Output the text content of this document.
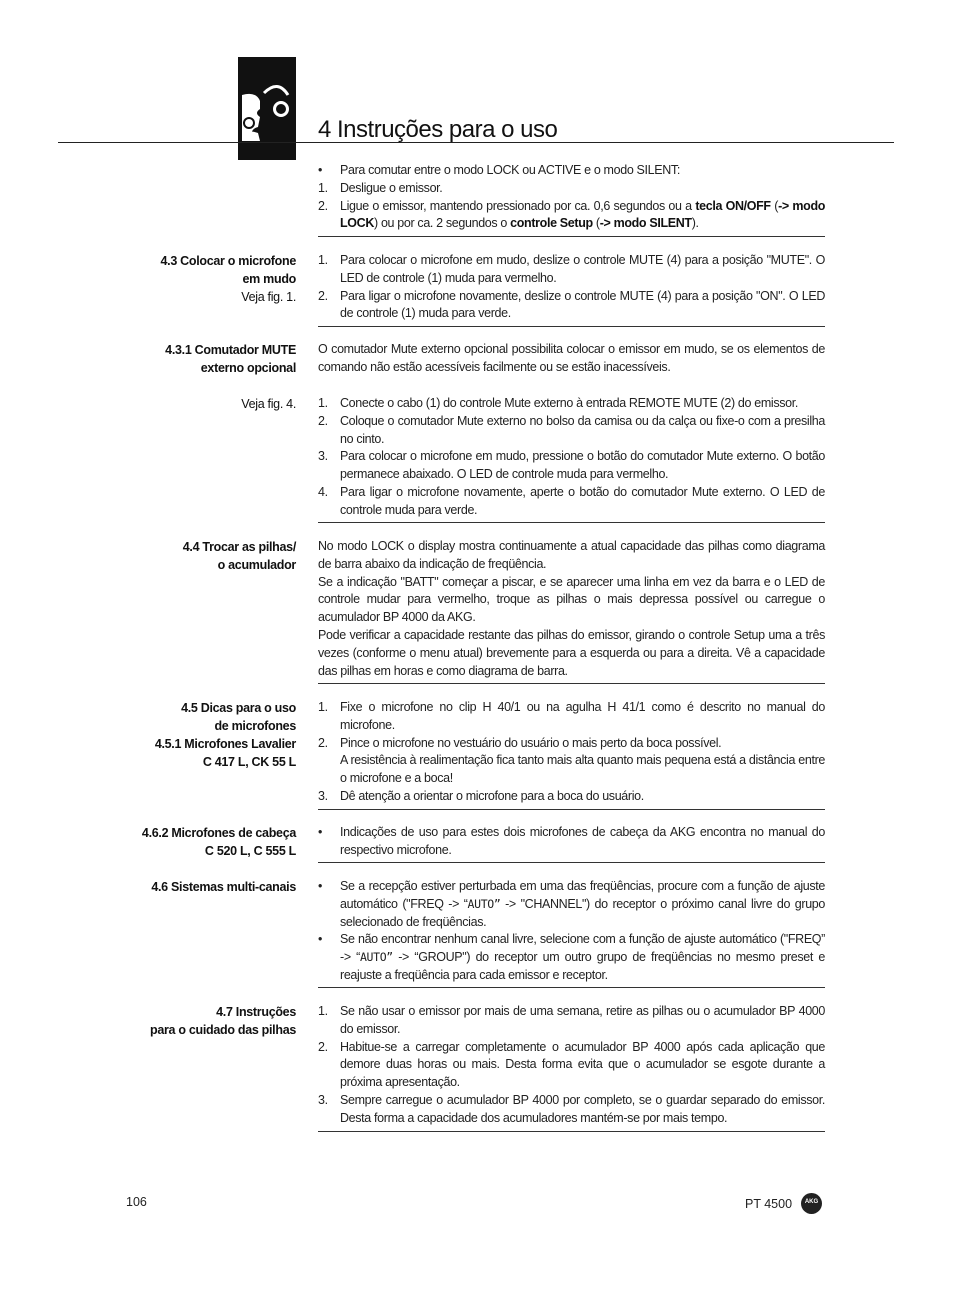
4 Instruções para o uso
• Para comutar entre o modo LOCK ou ACTIVE e o modo SILENT:
1. Desligue o emissor.
2. Ligue o emissor, mantendo pressionado por ca. 0,6 segundos ou a tecla ON/OFF (-> modo LOCK) ou por ca. 2 segundos o controle Setup (-> modo SILENT).
4.3 Colocar o microfone
em mudo
Veja fig. 1.
1. Para colocar o microfone em mudo, deslize o controle MUTE (4) para a posição "MUTE". O LED de controle (1) muda para vermelho.
2. Para ligar o microfone novamente, deslize o controle MUTE (4) para a posição "ON". O LED de controle (1) muda para verde.
4.3.1 Comutador MUTE
externo opcional
O comutador Mute externo opcional possibilita colocar o emissor em mudo, se os elementos de comando não estão acessíveis facilmente ou se estão inacessíveis.
Veja fig. 4. 1. Conecte o cabo (1) do controle Mute externo à entrada REMOTE MUTE (2) do emissor.
2. Coloque o comutador Mute externo no bolso da camisa ou da calça ou fixe-o com a presilha no cinto.
3. Para colocar o microfone em mudo, pressione o botão do comutador Mute externo. O botão permanece abaixado. O LED de controle muda para vermelho.
4. Para ligar o microfone novamente, aperte o botão do comutador Mute externo. O LED de controle muda para verde.
4.4 Trocar as pilhas/
o acumulador
No modo LOCK o display mostra continuamente a atual capacidade das pilhas como diagrama de barra abaixo da indicação de freqüência.
Se a indicação "BATT" começar a piscar, e se aparecer uma linha em vez da barra e o LED de controle mudar para vermelho, troque as pilhas o mais depressa possível ou carregue o acumulador BP 4000 da AKG.
Pode verificar a capacidade restante das pilhas do emissor, girando o controle Setup uma a três vezes (conforme o menu atual) brevemente para a esquerda ou para a direita. Vê a capacidade das pilhas em horas e como diagrama de barra.
4.5 Dicas para o uso
de microfones
4.5.1 Microfones Lavalier
C 417 L, CK 55 L
1. Fixe o microfone no clip H 40/1 ou na agulha H 41/1 como é descrito no manual do microfone.
2. Pince o microfone no vestuário do usuário o mais perto da boca possível.
A resistência à realimentação fica tanto mais alta quanto mais pequena está a distância entre o microfone e a boca!
3. Dê atenção a orientar o microfone para a boca do usuário.
4.6.2 Microfones de cabeça
C 520 L, C 555 L
• Indicações de uso para estes dois microfones de cabeça da AKG encontra no manual do respectivo microfone.
4.6 Sistemas multi-canais • Se a recepção estiver perturbada em uma das freqüências, procure com a função de ajuste automático ("FREQ -> “AUTO” -> "CHANNEL") do receptor o próximo canal livre do grupo selecionado de freqüências.
• Se não encontrar nenhum canal livre, selecione com a função de ajuste automático ("FREQ” -> “AUTO” -> “GROUP") do receptor um outro grupo de freqüências no mesmo preset e reajuste a freqüência para cada emissor e receptor.
4.7 Instruções
para o cuidado das pilhas
1. Se não usar o emissor por mais de uma semana, retire as pilhas ou o acumulador BP 4000 do emissor.
2. Habitue-se a carregar completamente o acumulador BP 4000 após cada aplicação que demore duas horas ou mais. Desta forma evita que o acumulador se esgote durante a próxima apresentação.
3. Sempre carregue o acumulador BP 4000 por completo, se o guardar separado do emissor. Desta forma a capacidade dos acumuladores mantém-se por mais tempo.
106	PT 4500	AKG
